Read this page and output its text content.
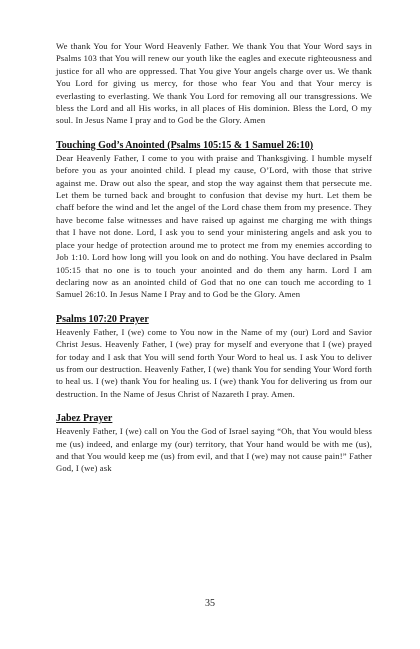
We thank You for Your Word Heavenly Father. We thank You that Your Word says in Psalms 103 that You will renew our youth like the eagles and execute righteousness and justice for all who are oppressed. That You give Your angels charge over us. We thank You Lord for giving us mercy, for those who fear You and that Your mercy is everlasting to everlasting. We thank You Lord for removing all our transgressions. We bless the Lord and all His works, in all places of His dominion. Bless the Lord, O my soul. In Jesus Name I pray and to God be the Glory. Amen

Touching God’s Anointed (Psalms 105:15 & 1 Samuel 26:10)

Dear Heavenly Father, I come to you with praise and Thanksgiving. I humble myself before you as your anointed child. I plead my cause, O’Lord, with those that strive against me. Draw out also the spear, and stop the way against them that persecute me. Let them be turned back and brought to confusion that devise my hurt. Let them be chaff before the wind and let the angel of the Lord chase them from my presence. They have become false witnesses and have raised up against me charging me with things that I have not done. Lord, I ask you to send your ministering angels and ask you to place your hedge of protection around me to protect me from my enemies according to Job 1:10. Lord how long will you look on and do nothing. You have declared in Psalm 105:15 that no one is to touch your anointed and do them any harm. Lord I am declaring now as an anointed child of God that no one can touch me according to 1 Samuel 26:10. In Jesus Name I Pray and to God be the Glory. Amen

Psalms 107:20 Prayer

Heavenly Father, I (we) come to You now in the Name of my (our) Lord and Savior Christ Jesus. Heavenly Father, I (we) pray for myself and everyone that I (we) prayed for today and I ask that You will send forth Your Word to heal us. I ask You to deliver us from our destruction. Heavenly Father, I (we) thank You for sending Your Word forth to heal us. I (we) thank You for healing us. I (we) thank You for delivering us from our destruction. In the Name of Jesus Christ of Nazareth I pray. Amen.

Jabez Prayer

Heavenly Father, I (we) call on You the God of Israel saying “Oh, that You would bless me (us) indeed, and enlarge my (our) territory, that Your hand would be with me (us), and that You would keep me (us) from evil, and that I (we) may not cause pain!” Father God, I (we) ask

35
